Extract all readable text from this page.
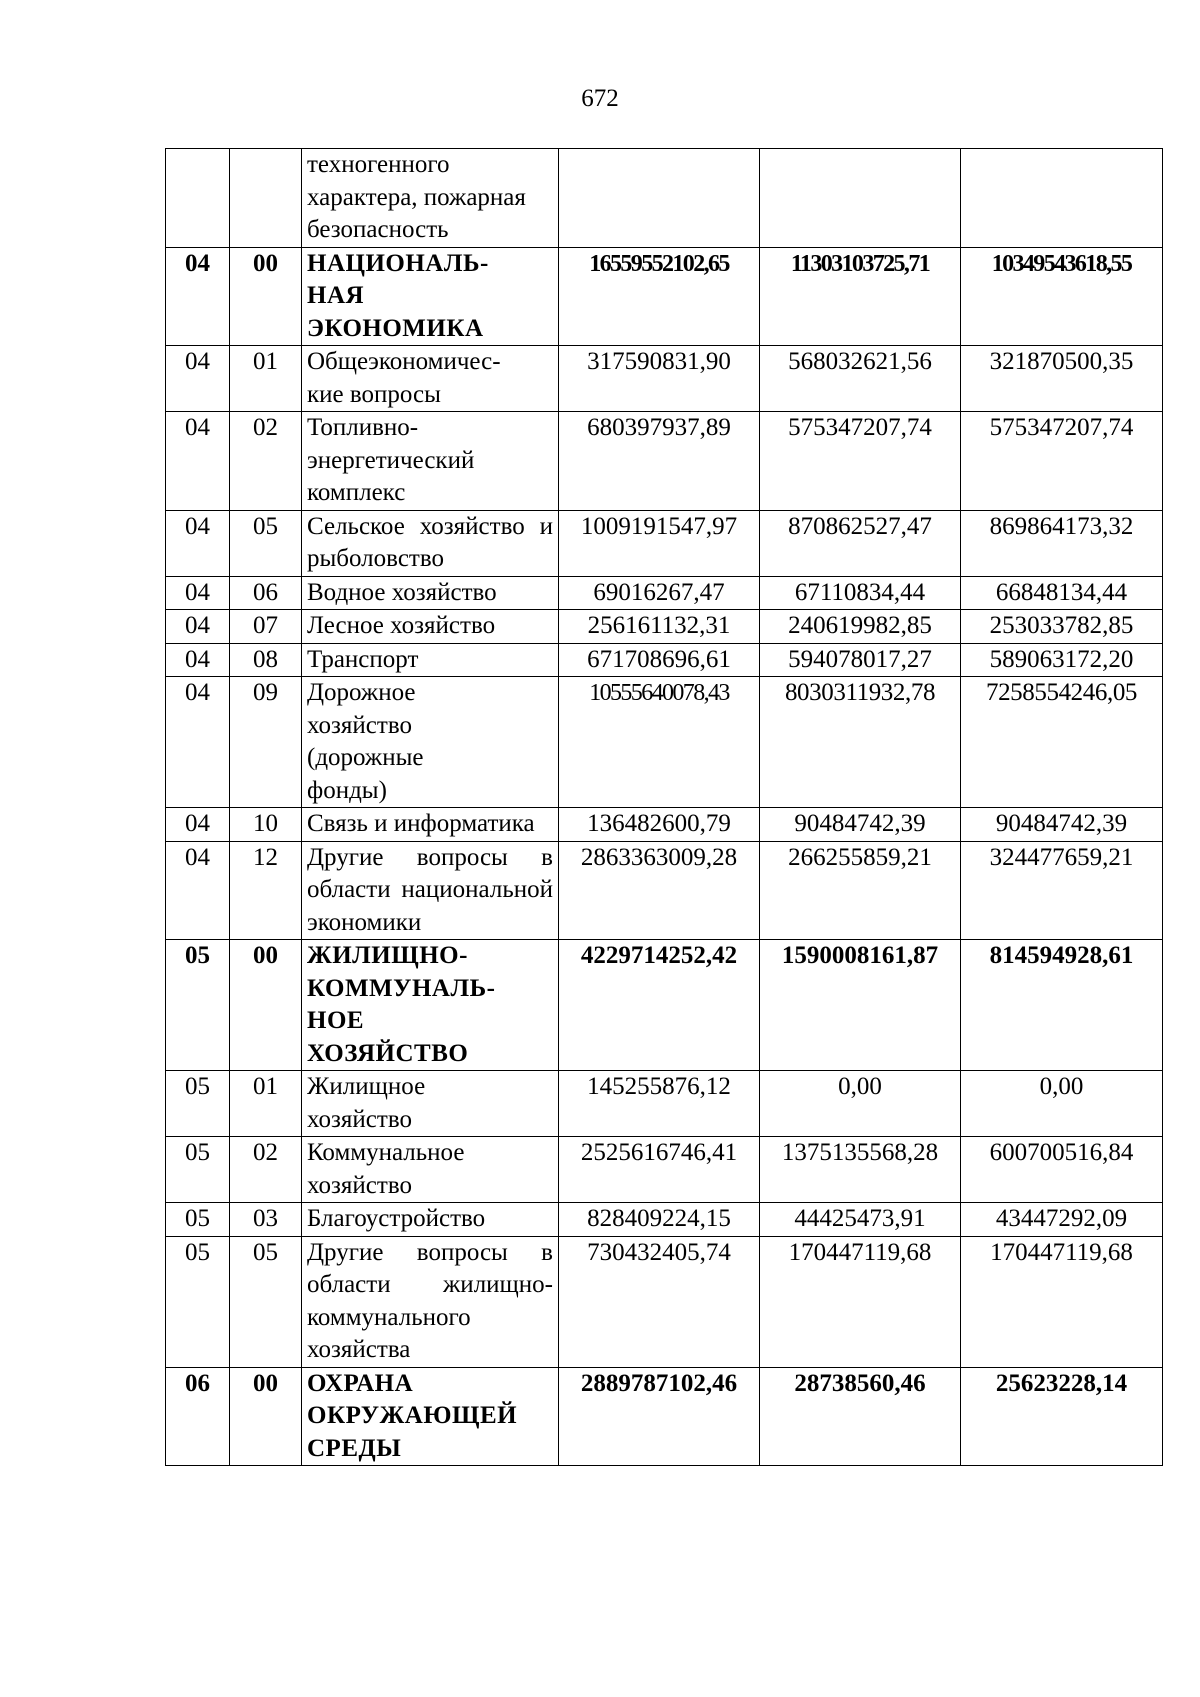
672
		техногенного характера, пожарная безопасность			
04	00	НАЦИОНАЛЬ-НАЯ ЭКОНОМИКА	16559552102,65	11303103725,71	10349543618,55
04	01	Общеэкономичес-кие вопросы	317590831,90	568032621,56	321870500,35
04	02	Топливно-энергетический комплекс	680397937,89	575347207,74	575347207,74
04	05	Сельское хозяйство и рыболовство	1009191547,97	870862527,47	869864173,32
04	06	Водное хозяйство	69016267,47	67110834,44	66848134,44
04	07	Лесное хозяйство	256161132,31	240619982,85	253033782,85
04	08	Транспорт	671708696,61	594078017,27	589063172,20
04	09	Дорожное хозяйство (дорожные фонды)	10555640078,43	8030311932,78	7258554246,05
04	10	Связь и информатика	136482600,79	90484742,39	90484742,39
04	12	Другие вопросы в области национальной экономики	2863363009,28	266255859,21	324477659,21
05	00	ЖИЛИЩНО-КОММУНАЛЬ-НОЕ ХОЗЯЙСТВО	4229714252,42	1590008161,87	814594928,61
05	01	Жилищное хозяйство	145255876,12	0,00	0,00
05	02	Коммунальное хозяйство	2525616746,41	1375135568,28	600700516,84
05	03	Благоустройство	828409224,15	44425473,91	43447292,09
05	05	Другие вопросы в области жилищно-коммунального хозяйства	730432405,74	170447119,68	170447119,68
06	00	ОХРАНА ОКРУЖАЮЩЕЙ СРЕДЫ	2889787102,46	28738560,46	25623228,14
